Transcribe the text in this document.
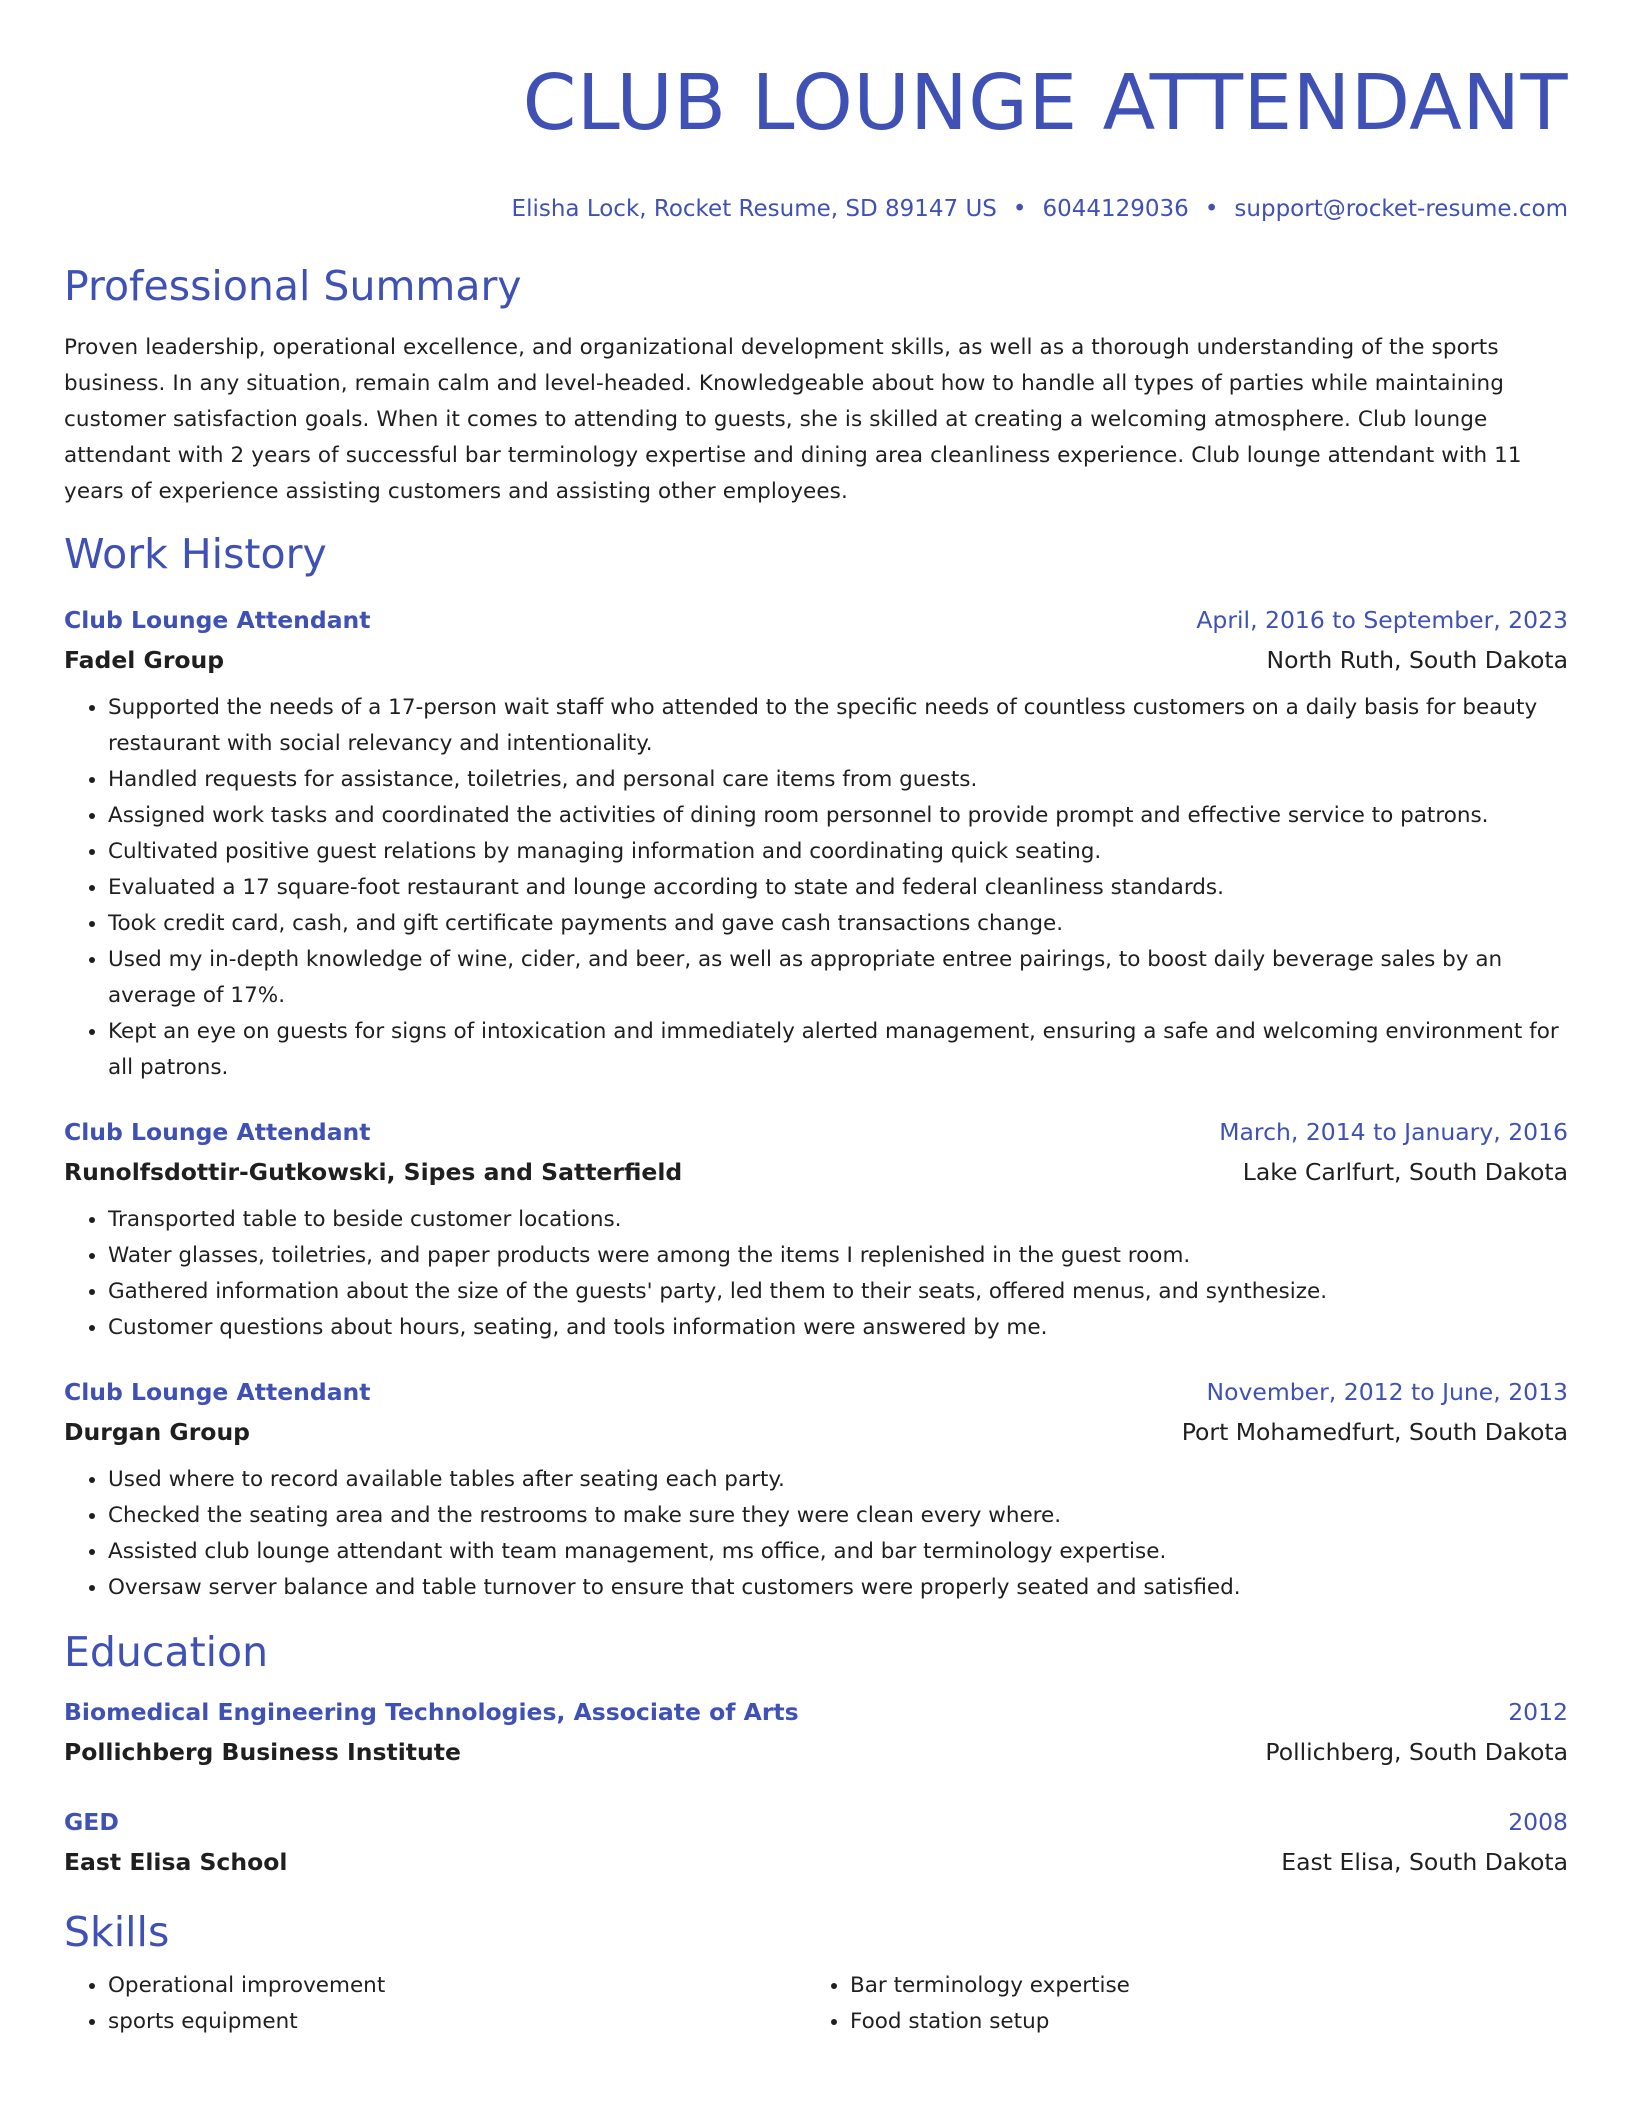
CLUB LOUNGE ATTENDANT
Elisha Lock, Rocket Resume, SD 89147 US • 6044129036 • support@rocket-resume.com
Professional Summary
Proven leadership, operational excellence, and organizational development skills, as well as a thorough understanding of the sports business. In any situation, remain calm and level-headed. Knowledgeable about how to handle all types of parties while maintaining customer satisfaction goals. When it comes to attending to guests, she is skilled at creating a welcoming atmosphere. Club lounge attendant with 2 years of successful bar terminology expertise and dining area cleanliness experience. Club lounge attendant with 11 years of experience assisting customers and assisting other employees.
Work History
Club Lounge Attendant	April, 2016 to September, 2023
Fadel Group	North Ruth, South Dakota
• Supported the needs of a 17-person wait staff who attended to the specific needs of countless customers on a daily basis for beauty restaurant with social relevancy and intentionality.
• Handled requests for assistance, toiletries, and personal care items from guests.
• Assigned work tasks and coordinated the activities of dining room personnel to provide prompt and effective service to patrons.
• Cultivated positive guest relations by managing information and coordinating quick seating.
• Evaluated a 17 square-foot restaurant and lounge according to state and federal cleanliness standards.
• Took credit card, cash, and gift certificate payments and gave cash transactions change.
• Used my in-depth knowledge of wine, cider, and beer, as well as appropriate entree pairings, to boost daily beverage sales by an average of 17%.
• Kept an eye on guests for signs of intoxication and immediately alerted management, ensuring a safe and welcoming environment for all patrons.
Club Lounge Attendant	March, 2014 to January, 2016
Runolfsdottir-Gutkowski, Sipes and Satterfield	Lake Carlfurt, South Dakota
• Transported table to beside customer locations.
• Water glasses, toiletries, and paper products were among the items I replenished in the guest room.
• Gathered information about the size of the guests' party, led them to their seats, offered menus, and synthesize.
• Customer questions about hours, seating, and tools information were answered by me.
Club Lounge Attendant	November, 2012 to June, 2013
Durgan Group	Port Mohamedfurt, South Dakota
• Used where to record available tables after seating each party.
• Checked the seating area and the restrooms to make sure they were clean every where.
• Assisted club lounge attendant with team management, ms office, and bar terminology expertise.
• Oversaw server balance and table turnover to ensure that customers were properly seated and satisfied.
Education
Biomedical Engineering Technologies, Associate of Arts	2012
Pollichberg Business Institute	Pollichberg, South Dakota
GED	2008
East Elisa School	East Elisa, South Dakota
Skills
• Operational improvement
• sports equipment
• Bar terminology expertise
• Food station setup
